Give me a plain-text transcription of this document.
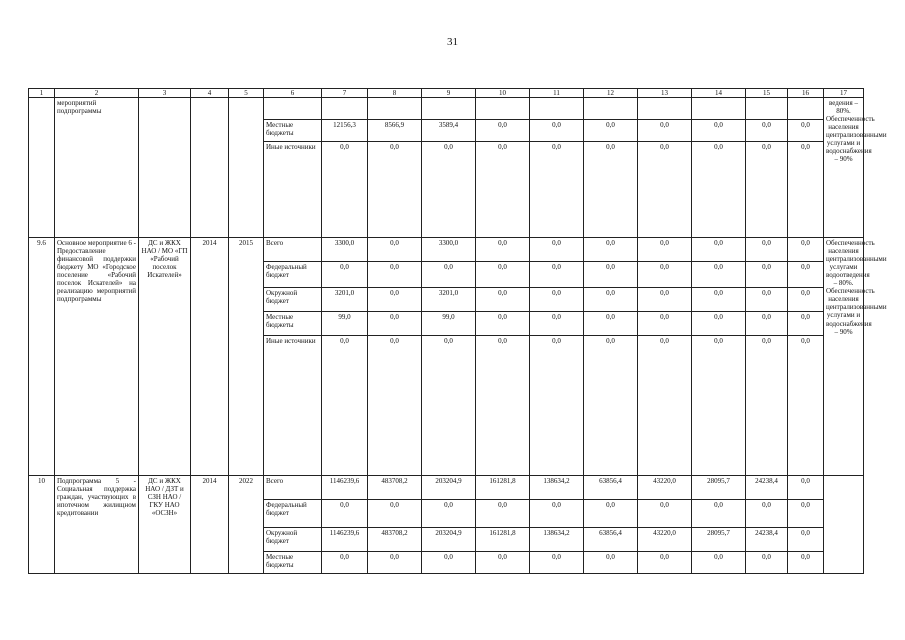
31
1	2	3	4	5	6	7	8	9	10	11	12	13	14	15	16	17
	мероприятий подпрограммы															ведения – 80%. Обеспеченность населения централизованными услугами и водоснабжения – 90%
					Местные бюджеты	12156,3	8566,9	3589,4	0,0	0,0	0,0	0,0	0,0	0,0	0,0	
					Иные источники	0,0	0,0	0,0	0,0	0,0	0,0	0,0	0,0	0,0	0,0	
9.6	Основное мероприятие 6 - Предоставление финансовой поддержки бюджету МО «Городское поселение «Рабочий поселок Искателей» на реализацию мероприятий подпрограммы	ДС и ЖКХ НАО / МО «ГП «Рабочий поселок Искателей»	2014	2015	Всего	3300,0	0,0	3300,0	0,0	0,0	0,0	0,0	0,0	0,0	0,0	Обеспеченность населения централизованными услугами водоотведения – 80%. Обеспеченность населения централизованными услугами и водоснабжения – 90%
					Федеральный бюджет	0,0	0,0	0,0	0,0	0,0	0,0	0,0	0,0	0,0	0,0	
					Окружной бюджет	3201,0	0,0	3201,0	0,0	0,0	0,0	0,0	0,0	0,0	0,0	
					Местные бюджеты	99,0	0,0	99,0	0,0	0,0	0,0	0,0	0,0	0,0	0,0	
					Иные источники	0,0	0,0	0,0	0,0	0,0	0,0	0,0	0,0	0,0	0,0	
10	Подпрограмма 5 - Социальная поддержка граждан, участвующих в ипотечном жилищном кредитовании	ДС и ЖКХ НАО / ДЗТ и СЗН НАО / ГКУ НАО «ОСЗН»	2014	2022	Всего	1146239,6	483708,2	203204,9	161281,8	138634,2	63856,4	43220,0	28095,7	24238,4	0,0	
					Федеральный бюджет	0,0	0,0	0,0	0,0	0,0	0,0	0,0	0,0	0,0	0,0	
					Окружной бюджет	1146239,6	483708,2	203204,9	161281,8	138634,2	63856,4	43220,0	28095,7	24238,4	0,0	
					Местные бюджеты	0,0	0,0	0,0	0,0	0,0	0,0	0,0	0,0	0,0	0,0	
